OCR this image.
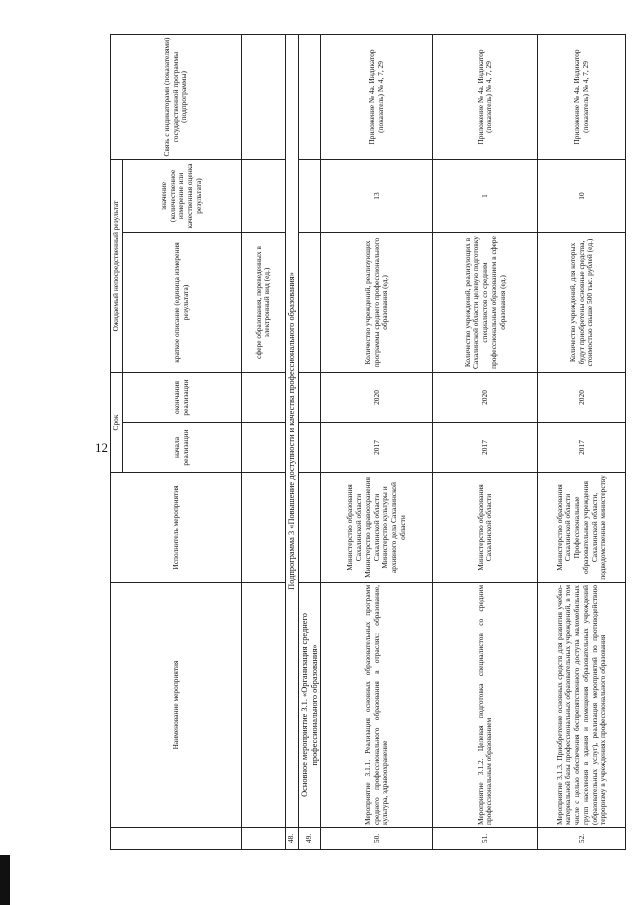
12
	Наименование мероприятия	Исполнитель мероприятия	Срок		Ожидаемый непосредственный результат		Связь с индикаторами (показателями) государственной программы (подпрограммы)
			начала реализации	окончания реализации	краткое описание (единица измерения результата)	значение (количественное измерение или качественная оценка результата)	
					сфере образования, переведенных в электронный вид (ед.)		
48.	Подпрограмма 3 «Повышение доступности и качества профессионального образования»						
49.	Основное мероприятие 3.1. «Организация среднего профессионального образования»						
50.	Мероприятие 3.1.1. Реализация основных образовательных программ среднего профессионального образования в отраслях: образование, культура, здравоохранение	Министерство образования Сахалинской области Министерство здравоохранения Сахалинской области Министерство культуры и архивного дела Сахалинской области	2017	2020	Количество учреждений, реализующих программы среднего профессионального образования (ед.)	13	Приложение № 4а. Индикатор (показатель) № 4, 7, 29
51.	Мероприятие 3.1.2. Целевая подготовка специалистов со средним профессиональным образованием	Министерство образования Сахалинской области	2017	2020	Количество учреждений, реализующих в Сахалинской области целевую подготовку специалистов со средним профессиональным образованием в сфере образования (ед.)	1	Приложение № 4а. Индикатор (показатель) № 4, 7, 29
52.	Мероприятие 3.1.3. Приобретение основных средств для развития учебно-материальной базы профессиональных образовательных учреждений, в том числе с целью обеспечения беспрепятственного доступа маломобильных групп населения в здания и помещения образовательных учреждений (образовательных услуг), реализация мероприятий по противодействию терроризму в учреждениях профессионального образования	Министерство образования Сахалинской области Профессиональные образовательные учреждения Сахалинской области, подведомственные министерству	2017	2020	Количество учреждений, для которых будут приобретены основные средства, стоимостью свыше 500 тыс. рублей (ед.)	10	Приложение № 4а. Индикатор (показатель) № 4, 7, 29
